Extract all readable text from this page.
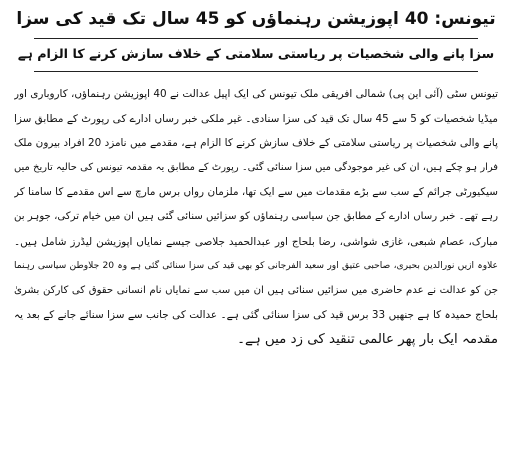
تیونس: 40 اپوزیشن رہنماؤں کو 45 سال تک قید کی سزا
سزا پانے والی شخصیات پر ریاستی سلامتی کے خلاف سازش کرنے کا الزام ہے
تیونس سٹی (آئی این پی) شمالی افریقی ملک تیونس کی ایک اپیل عدالت نے 40 اپوزیشن رہنماؤں، کاروباری اور
میڈیا شخصیات کو 5 سے 45 سال تک قید کی سزا سنادی۔ غیر ملکی خبر رساں ادارے کی رپورٹ کے مطابق سزا
پانے والی شخصیات پر ریاستی سلامتی کے خلاف سازش کرنے کا الزام ہے، مقدمے میں نامزد 20 افراد بیرون ملک
فرار ہو چکے ہیں، ان کی غیر موجودگی میں سزا سنائی گئی۔ رپورٹ کے مطابق یہ مقدمہ تیونس کی حالیہ تاریخ میں
سیکیورٹی جرائم کے سب سے بڑے مقدمات میں سے ایک تھا، ملزمان رواں برس مارچ سے اس مقدمے کا سامنا کر
رہے تھے۔ خبر رساں ادارے کے مطابق جن سیاسی رہنماؤں کو سزائیں سنائی گئی ہیں ان میں خیام ترکی، جوہر بن
مبارک، عصام شبعی، غازی شواشی، رضا بلحاج اور عبدالحمید جلاصی جیسے نمایاں اپوزیشن لیڈرز شامل ہیں۔
علاوہ ازیں نورالدین بحیری، صاحبی عتیق اور سعید الفرجانی کو بھی قید کی سزا سنائی گئی ہے وہ 20 جلاوطن سیاسی رہنما
جن کو عدالت نے عدم حاضری میں سزائیں سنائی ہیں ان میں سب سے نمایاں نام انسانی حقوق کی کارکن بشریٰ
بلحاج حمیدہ کا ہے جنھیں 33 برس قید کی سزا سنائی گئی ہے۔ عدالت کی جانب سے سزا سنائے جانے کے بعد یہ
مقدمہ ایک بار پھر عالمی تنقید کی زد میں ہے۔
